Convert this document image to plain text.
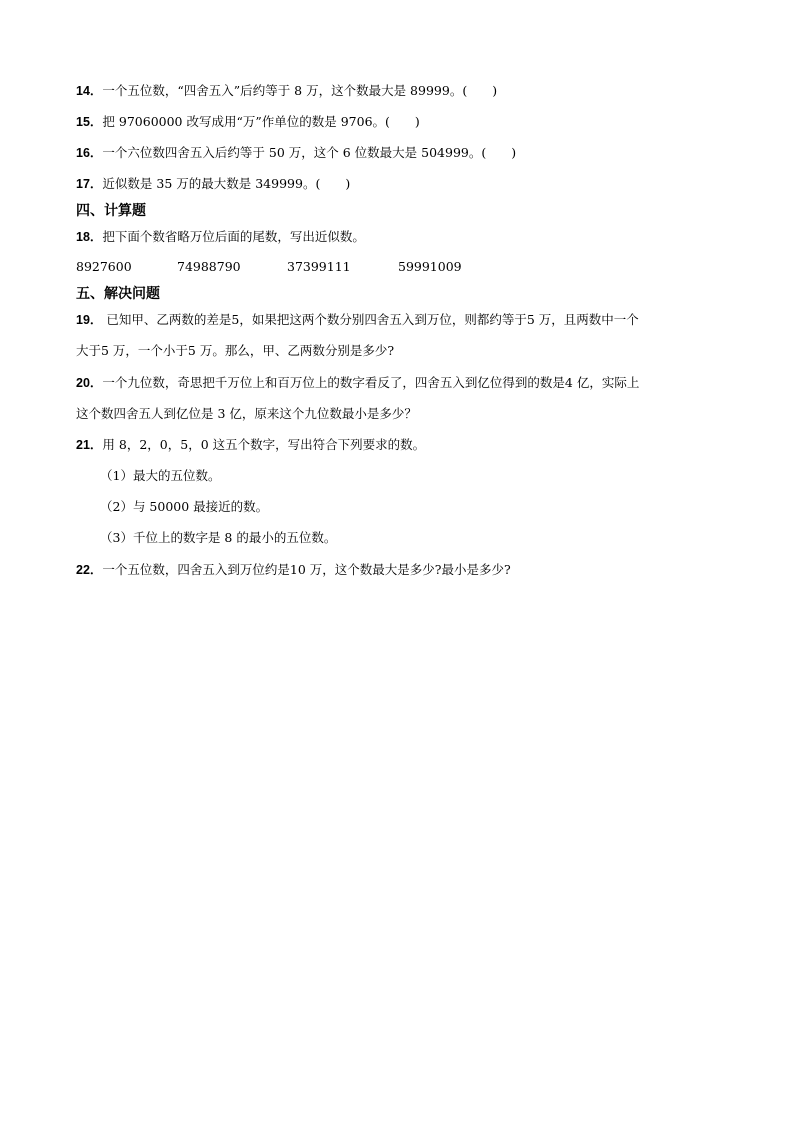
14．一个五位数，“四舍五入”后约等于 8 万，这个数最大是 89999。(　　)
15．把 97060000 改写成用“万”作单位的数是 9706。(　　)
16．一个六位数四舍五入后约等于 50 万，这个 6 位数最大是 504999。(　　)
17．近似数是 35 万的最大数是 349999。(　　)
四、计算题
18．把下面个数省略万位后面的尾数，写出近似数。
8927600	74988790	37399111	59991009
五、解决问题
19． 已知甲、乙两数的差是5，如果把这两个数分别四舍五入到万位，则都约等于5 万，且两数中一个
大于5 万，一个小于5 万。那么，甲、乙两数分别是多少?
20．一个九位数，奇思把千万位上和百万位上的数字看反了，四舍五入到亿位得到的数是4 亿，实际上
这个数四舍五人到亿位是 3 亿，原来这个九位数最小是多少？
21．用 8，2，0，5，0 这五个数字，写出符合下列要求的数。
（1）最大的五位数。
（2）与 50000 最接近的数。
（3）千位上的数字是 8 的最小的五位数。
22．一个五位数，四舍五入到万位约是10 万，这个数最大是多少?最小是多少?
